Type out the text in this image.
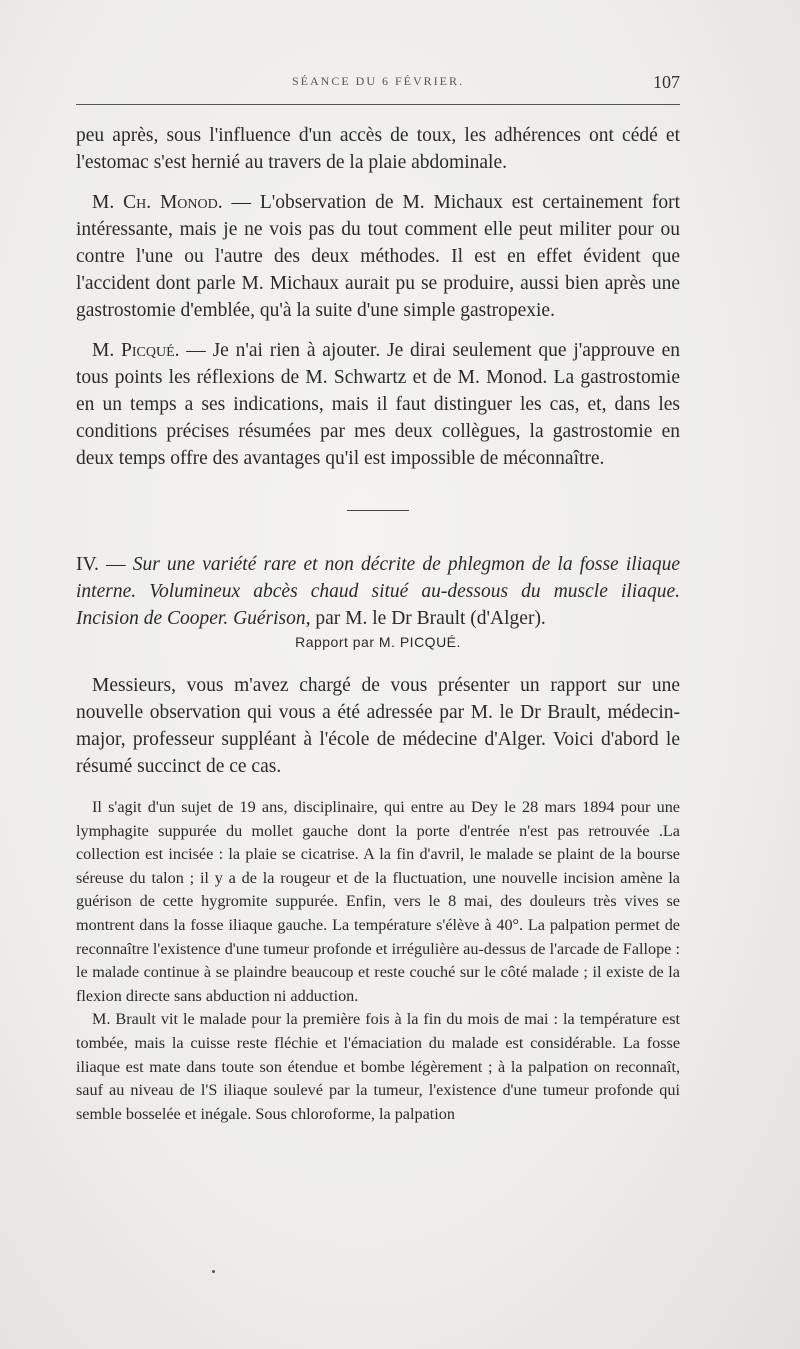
SÉANCE DU 6 FÉVRIER.	107

peu après, sous l'influence d'un accès de toux, les adhérences ont cédé et l'estomac s'est hernié au travers de la plaie abdominale.

M. Ch. Monod. — L'observation de M. Michaux est certainement fort intéressante, mais je ne vois pas du tout comment elle peut militer pour ou contre l'une ou l'autre des deux méthodes. Il est en effet évident que l'accident dont parle M. Michaux aurait pu se produire, aussi bien après une gastrostomie d'emblée, qu'à la suite d'une simple gastropexie.

M. Picqué. — Je n'ai rien à ajouter. Je dirai seulement que j'approuve en tous points les réflexions de M. Schwartz et de M. Monod. La gastrostomie en un temps a ses indications, mais il faut distinguer les cas, et, dans les conditions précises résumées par mes deux collègues, la gastrostomie en deux temps offre des avantages qu'il est impossible de méconnaître.

IV. — Sur une variété rare et non décrite de phlegmon de la fosse iliaque interne. Volumineux abcès chaud situé au-dessous du muscle iliaque. Incision de Cooper. Guérison, par M. le Dr Brault (d'Alger).

Rapport par M. PICQUÉ.

Messieurs, vous m'avez chargé de vous présenter un rapport sur une nouvelle observation qui vous a été adressée par M. le Dr Brault, médecin-major, professeur suppléant à l'école de médecine d'Alger. Voici d'abord le résumé succinct de ce cas.

Il s'agit d'un sujet de 19 ans, disciplinaire, qui entre au Dey le 28 mars 1894 pour une lymphagite suppurée du mollet gauche dont la porte d'entrée n'est pas retrouvée .La collection est incisée : la plaie se cicatrise. A la fin d'avril, le malade se plaint de la bourse séreuse du talon ; il y a de la rougeur et de la fluctuation, une nouvelle incision amène la guérison de cette hygromite suppurée. Enfin, vers le 8 mai, des douleurs très vives se montrent dans la fosse iliaque gauche. La température s'élève à 40°. La palpation permet de reconnaître l'existence d'une tumeur profonde et irrégulière au-dessus de l'arcade de Fallope : le malade continue à se plaindre beaucoup et reste couché sur le côté malade ; il existe de la flexion directe sans abduction ni adduction.

M. Brault vit le malade pour la première fois à la fin du mois de mai : la température est tombée, mais la cuisse reste fléchie et l'émaciation du malade est considérable. La fosse iliaque est mate dans toute son étendue et bombe légèrement ; à la palpation on reconnaît, sauf au niveau de l'S iliaque soulevé par la tumeur, l'existence d'une tumeur profonde qui semble bosselée et inégale. Sous chloroforme, la palpation
